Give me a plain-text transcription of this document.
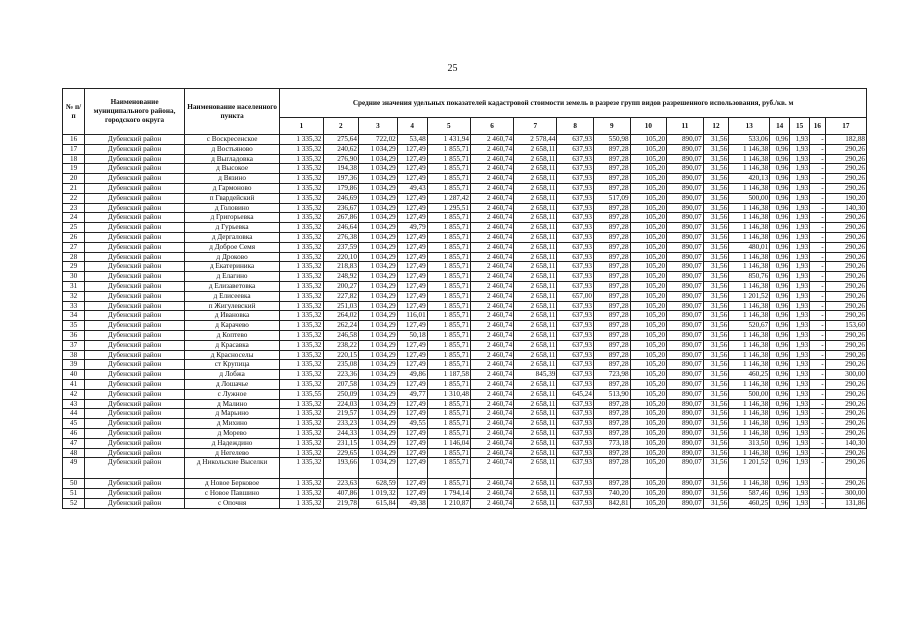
25
№ п/п	Наименование муниципального района, городского округа	Наименование населенного пункта	Средние значения удельных показателей кадастровой стоимости земель в разрезе групп видов разрешенного использования, руб./кв. м																
			1	2	3	4	5	6	7	8	9	10	11	12	13	14	15	16	17
16	Дубенский район	с Воскресенское	1 335,32	275,64	722,02	53,48	1 431,94	2 460,74	2 578,44	637,93	550,98	105,20	890,07	31,56	533,06	0,96	1,93	-	182,88
17	Дубенский район	д Востьяново	1 335,32	240,62	1 034,29	127,49	1 855,71	2 460,74	2 658,11	637,93	897,28	105,20	890,07	31,56	1 146,38	0,96	1,93	-	290,26
18	Дубенский район	д Выгладовка	1 335,32	276,90	1 034,29	127,49	1 855,71	2 460,74	2 658,11	637,93	897,28	105,20	890,07	31,56	1 146,38	0,96	1,93	-	290,26
19	Дубенский район	д Высокое	1 335,32	194,38	1 034,29	127,49	1 855,71	2 460,74	2 658,11	637,93	897,28	105,20	890,07	31,56	1 146,38	0,96	1,93	-	290,26
20	Дубенский район	д Вязино	1 335,32	197,36	1 034,29	127,49	1 855,71	2 460,74	2 658,11	637,93	897,28	105,20	890,07	31,56	420,13	0,96	1,93	-	290,26
21	Дубенский район	д Гармоново	1 335,32	179,86	1 034,29	49,43	1 855,71	2 460,74	2 658,11	637,93	897,28	105,20	890,07	31,56	1 146,38	0,96	1,93	-	290,26
22	Дубенский район	п Гвардейский	1 335,32	246,69	1 034,29	127,49	1 287,42	2 460,74	2 658,11	637,93	517,09	105,20	890,07	31,56	500,00	0,96	1,93	-	190,20
23	Дубенский район	д Головино	1 335,32	236,67	1 034,29	127,49	1 295,51	2 460,74	2 658,11	637,93	897,28	105,20	890,07	31,56	1 146,38	0,96	1,93	-	140,30
24	Дубенский район	д Григорьевка	1 335,32	267,86	1 034,29	127,49	1 855,71	2 460,74	2 658,11	637,93	897,28	105,20	890,07	31,56	1 146,38	0,96	1,93	-	290,26
25	Дубенский район	д Гурьевка	1 335,32	246,64	1 034,29	49,79	1 855,71	2 460,74	2 658,11	637,93	897,28	105,20	890,07	31,56	1 146,38	0,96	1,93	-	290,26
26	Дубенский район	д Дергаловка	1 335,32	276,38	1 034,29	127,49	1 855,71	2 460,74	2 658,11	637,93	897,28	105,20	890,07	31,56	1 146,38	0,96	1,93	-	290,26
27	Дубенский район	д Доброе Семя	1 335,32	237,59	1 034,29	127,49	1 855,71	2 460,74	2 658,11	637,93	897,28	105,20	890,07	31,56	480,01	0,96	1,93	-	290,26
28	Дубенский район	д Дроково	1 335,32	220,10	1 034,29	127,49	1 855,71	2 460,74	2 658,11	637,93	897,28	105,20	890,07	31,56	1 146,38	0,96	1,93	-	290,26
29	Дубенский район	д Екатериника	1 335,32	218,83	1 034,29	127,49	1 855,71	2 460,74	2 658,11	637,93	897,28	105,20	890,07	31,56	1 146,38	0,96	1,93	-	290,26
30	Дубенский район	д Елагино	1 335,32	248,92	1 034,29	127,49	1 855,71	2 460,74	2 658,11	637,93	897,28	105,20	890,07	31,56	850,76	0,96	1,93	-	290,26
31	Дубенский район	д Елизаветовка	1 335,32	200,27	1 034,29	127,49	1 855,71	2 460,74	2 658,11	637,93	897,28	105,20	890,07	31,56	1 146,38	0,96	1,93	-	290,26
32	Дубенский район	д Елисеевка	1 335,32	227,82	1 034,29	127,49	1 855,71	2 460,74	2 658,11	657,00	897,28	105,20	890,07	31,56	1 201,52	0,96	1,93	-	290,26
33	Дубенский район	п Жигулевский	1 335,32	251,03	1 034,29	127,49	1 855,71	2 460,74	2 658,11	637,93	897,28	105,20	890,07	31,56	1 146,38	0,96	1,93	-	290,26
34	Дубенский район	д Ивановка	1 335,32	264,02	1 034,29	116,01	1 855,71	2 460,74	2 658,11	637,93	897,28	105,20	890,07	31,56	1 146,38	0,96	1,93	-	290,26
35	Дубенский район	д Карачево	1 335,32	262,24	1 034,29	127,49	1 855,71	2 460,74	2 658,11	637,93	897,28	105,20	890,07	31,56	520,67	0,96	1,93	-	153,60
36	Дубенский район	д Коптево	1 335,32	246,58	1 034,29	50,18	1 855,71	2 460,74	2 658,11	637,93	897,28	105,20	890,07	31,56	1 146,38	0,96	1,93	-	290,26
37	Дубенский район	д Красавка	1 335,32	238,22	1 034,29	127,49	1 855,71	2 460,74	2 658,11	637,93	897,28	105,20	890,07	31,56	1 146,38	0,96	1,93	-	290,26
38	Дубенский район	д Красноселы	1 335,32	220,15	1 034,29	127,49	1 855,71	2 460,74	2 658,11	637,93	897,28	105,20	890,07	31,56	1 146,38	0,96	1,93	-	290,26
39	Дубенский район	ст Крупица	1 335,32	235,08	1 034,29	127,49	1 855,71	2 460,74	2 658,11	637,93	897,28	105,20	890,07	31,56	1 146,38	0,96	1,93	-	290,26
40	Дубенский район	д Лобжа	1 335,32	223,36	1 034,29	49,86	1 187,58	2 460,74	845,39	637,93	723,98	105,20	890,07	31,56	460,25	0,96	1,93	-	300,00
41	Дубенский район	д Лошачье	1 335,32	207,58	1 034,29	127,49	1 855,71	2 460,74	2 658,11	637,93	897,28	105,20	890,07	31,56	1 146,38	0,96	1,93	-	290,26
42	Дубенский район	с Лужное	1 335,55	250,09	1 034,29	49,77	1 310,48	2 460,74	2 658,11	645,24	513,90	105,20	890,07	31,56	500,00	0,96	1,93	-	290,26
43	Дубенский район	д Малино	1 335,32	224,03	1 034,29	127,49	1 855,71	2 460,74	2 658,11	637,93	897,28	105,20	890,07	31,56	1 146,38	0,96	1,93	-	290,26
44	Дубенский район	д Марьино	1 335,32	219,57	1 034,29	127,49	1 855,71	2 460,74	2 658,11	637,93	897,28	105,20	890,07	31,56	1 146,38	0,96	1,93	-	290,26
45	Дубенский район	д Михино	1 335,32	233,23	1 034,29	49,55	1 855,71	2 460,74	2 658,11	637,93	897,28	105,20	890,07	31,56	1 146,38	0,96	1,93	-	290,26
46	Дубенский район	д Морево	1 335,32	244,33	1 034,29	127,49	1 855,71	2 460,74	2 658,11	637,93	897,28	105,20	890,07	31,56	1 146,38	0,96	1,93	-	290,26
47	Дубенский район	д Надеждино	1 335,32	231,15	1 034,29	127,49	1 146,04	2 460,74	2 658,11	637,93	773,18	105,20	890,07	31,56	313,50	0,96	1,93	-	140,30
48	Дубенский район	д Негелево	1 335,32	229,65	1 034,29	127,49	1 855,71	2 460,74	2 658,11	637,93	897,28	105,20	890,07	31,56	1 146,38	0,96	1,93	-	290,26
49	Дубенский район	д Никольские Выселки	1 335,32	193,66	1 034,29	127,49	1 855,71	2 460,74	2 658,11	637,93	897,28	105,20	890,07	31,56	1 201,52	0,96	1,93	-	290,26
50	Дубенский район	д Новое Берковое	1 335,32	223,63	628,59	127,49	1 855,71	2 460,74	2 658,11	637,93	897,28	105,20	890,07	31,56	1 146,38	0,96	1,93	-	290,26
51	Дубенский район	с Новое Павшино	1 335,32	407,86	1 019,32	127,49	1 794,14	2 460,74	2 658,11	637,93	740,20	105,20	890,07	31,56	587,46	0,96	1,93	-	300,00
52	Дубенский район	с Опочня	1 335,32	219,78	615,84	49,38	1 210,87	2 460,74	2 658,11	637,93	842,81	105,20	890,07	31,56	460,25	0,96	1,93	-	131,86
